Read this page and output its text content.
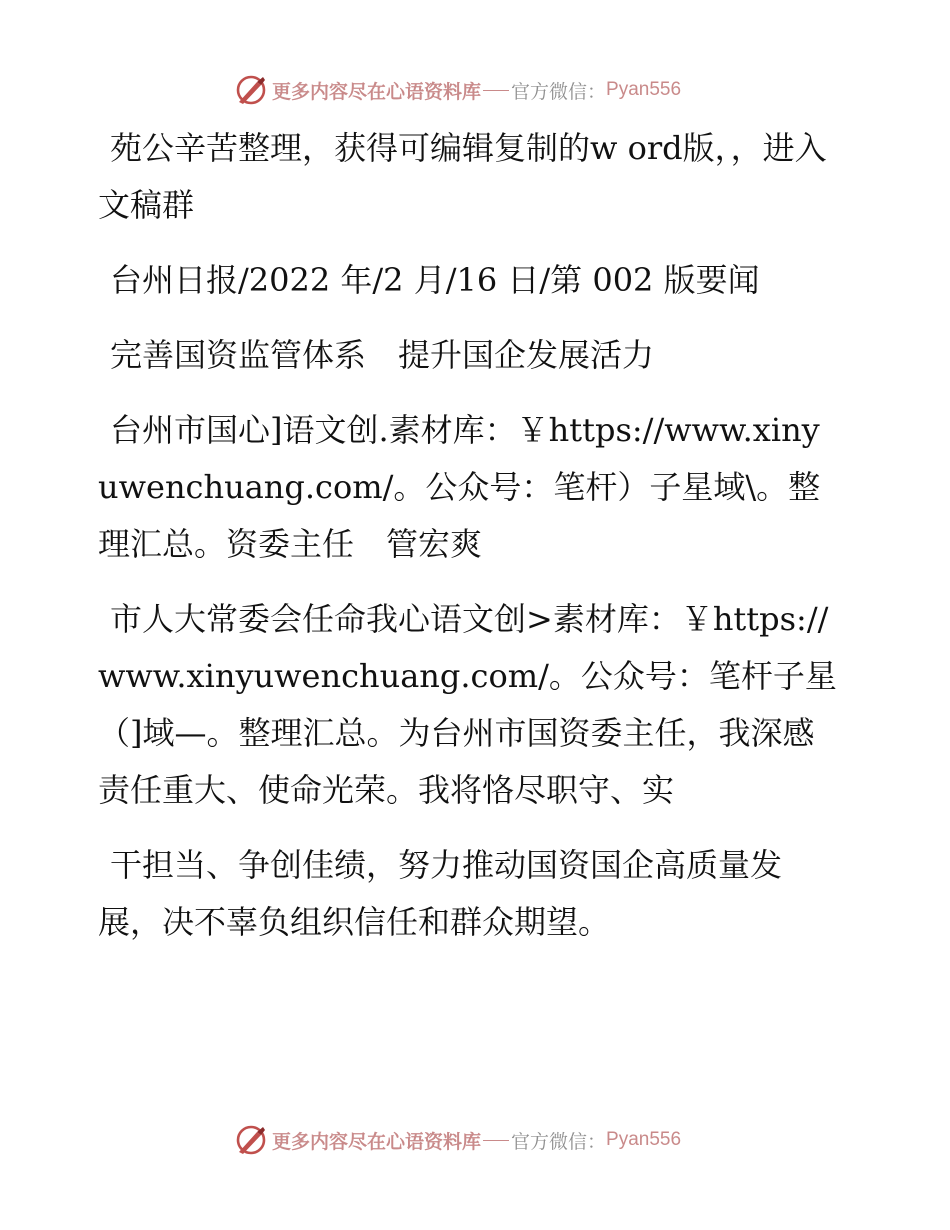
更多内容尽在心语资料库 官方微信： Pyan556

苑公辛苦整理，获得可编辑复制的w ord版，，进入文稿群

台州日报/2022 年/2 月/16 日/第 002 版要闻

完善国资监管体系　提升国企发展活力

台州市国心]语文创.素材库：￥https://www.xinyuwenchuang.com/。公众号：笔杆）子星域\。整理汇总。资委主任　管宏爽

市人大常委会任命我心语文创>素材库：￥https://www.xinyuwenchuang.com/。公众号：笔杆子星（]域—。整理汇总。为台州市国资委主任，我深感责任重大、使命光荣。我将恪尽职守、实

干担当、争创佳绩，努力推动国资国企高质量发展，决不辜负组织信任和群众期望。

更多内容尽在心语资料库 官方微信： Pyan556
